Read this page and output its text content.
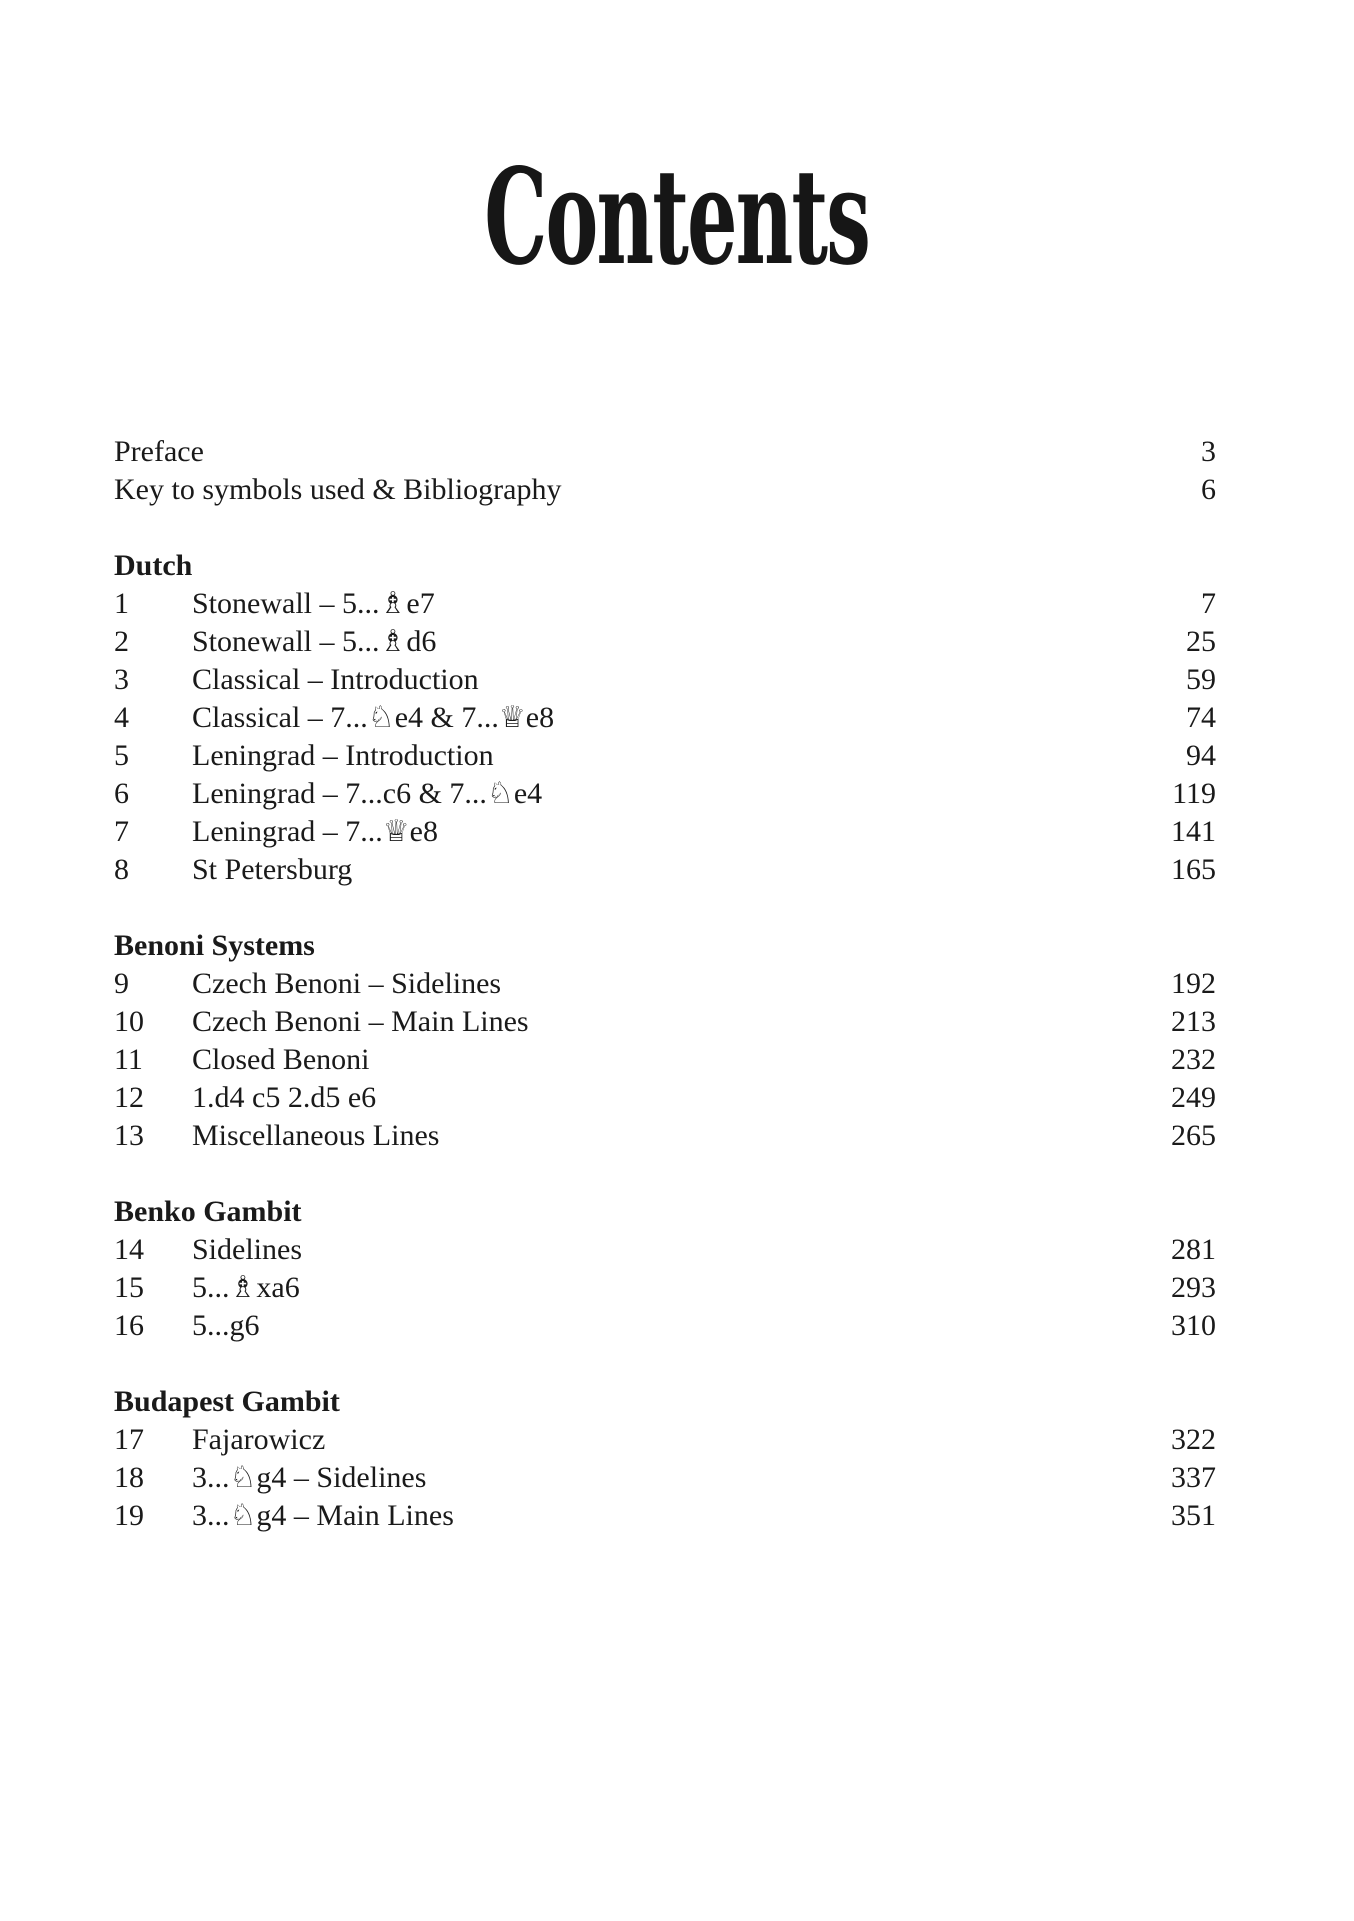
Contents
Preface	3
Key to symbols used & Bibliography	6
Dutch
1	Stonewall – 5...♗e7	7
2	Stonewall – 5...♗d6	25
3	Classical – Introduction	59
4	Classical – 7...♘e4 & 7...♕e8	74
5	Leningrad – Introduction	94
6	Leningrad – 7...c6 & 7...♘e4	119
7	Leningrad – 7...♕e8	141
8	St Petersburg	165
Benoni Systems
9	Czech Benoni – Sidelines	192
10	Czech Benoni – Main Lines	213
11	Closed Benoni	232
12	1.d4 c5 2.d5 e6	249
13	Miscellaneous Lines	265
Benko Gambit
14	Sidelines	281
15	5...♗xa6	293
16	5...g6	310
Budapest Gambit
17	Fajarowicz	322
18	3...♘g4 – Sidelines	337
19	3...♘g4 – Main Lines	351
